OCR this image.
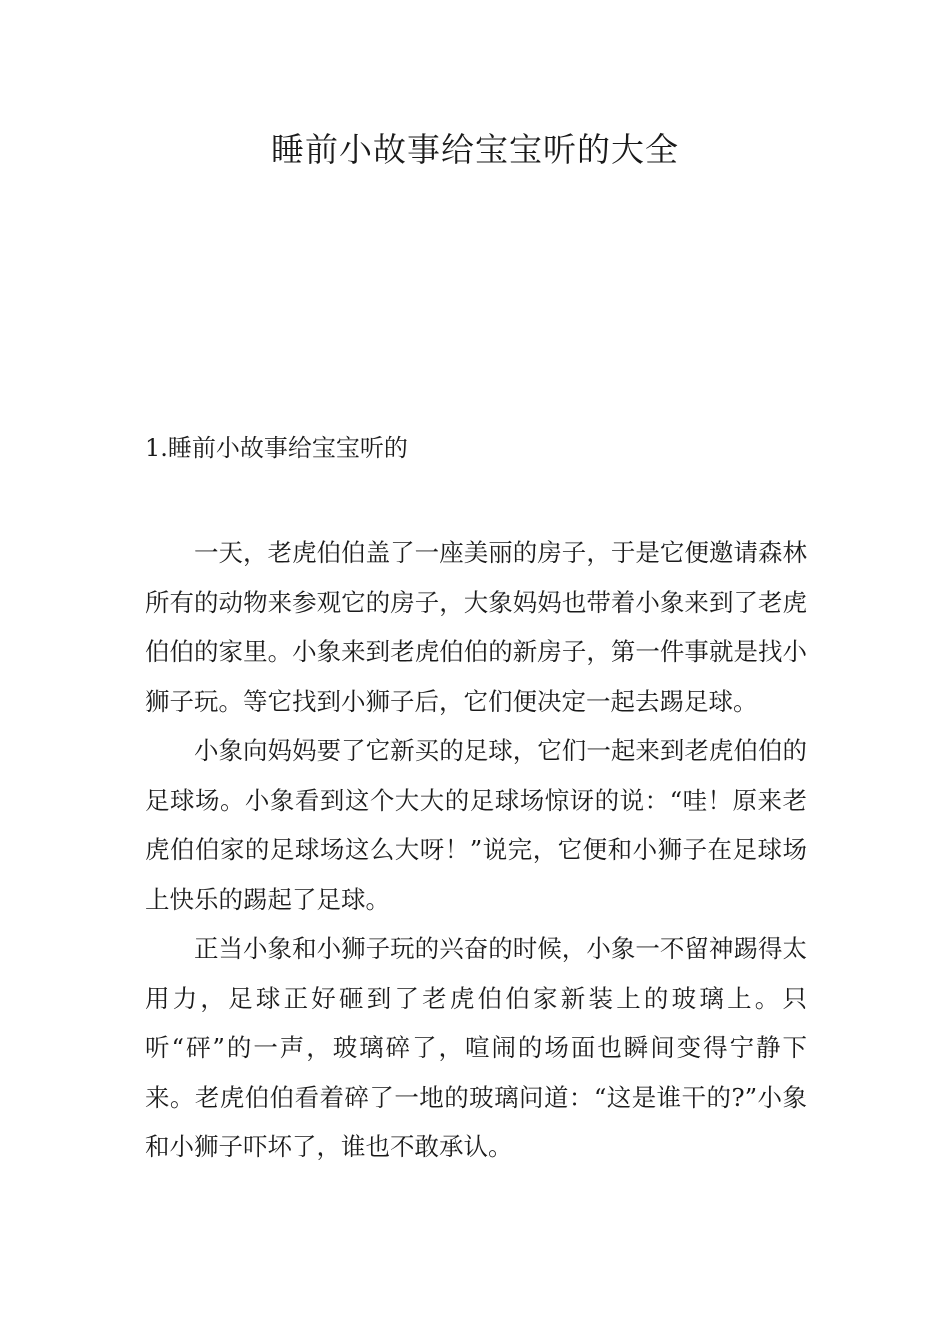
睡前小故事给宝宝听的大全
1.睡前小故事给宝宝听的

一天，老虎伯伯盖了一座美丽的房子，于是它便邀请森林所有的动物来参观它的房子，大象妈妈也带着小象来到了老虎伯伯的家里。小象来到老虎伯伯的新房子，第一件事就是找小狮子玩。等它找到小狮子后，它们便决定一起去踢足球。

小象向妈妈要了它新买的足球，它们一起来到老虎伯伯的足球场。小象看到这个大大的足球场惊讶的说：“哇！原来老虎伯伯家的足球场这么大呀！”说完，它便和小狮子在足球场上快乐的踢起了足球。

正当小象和小狮子玩的兴奋的时候，小象一不留神踢得太用力，足球正好砸到了老虎伯伯家新装上的玻璃上。只听“砰”的一声，玻璃碎了，喧闹的场面也瞬间变得宁静下来。老虎伯伯看着碎了一地的玻璃问道：“这是谁干的?”小象和小狮子吓坏了，谁也不敢承认。
